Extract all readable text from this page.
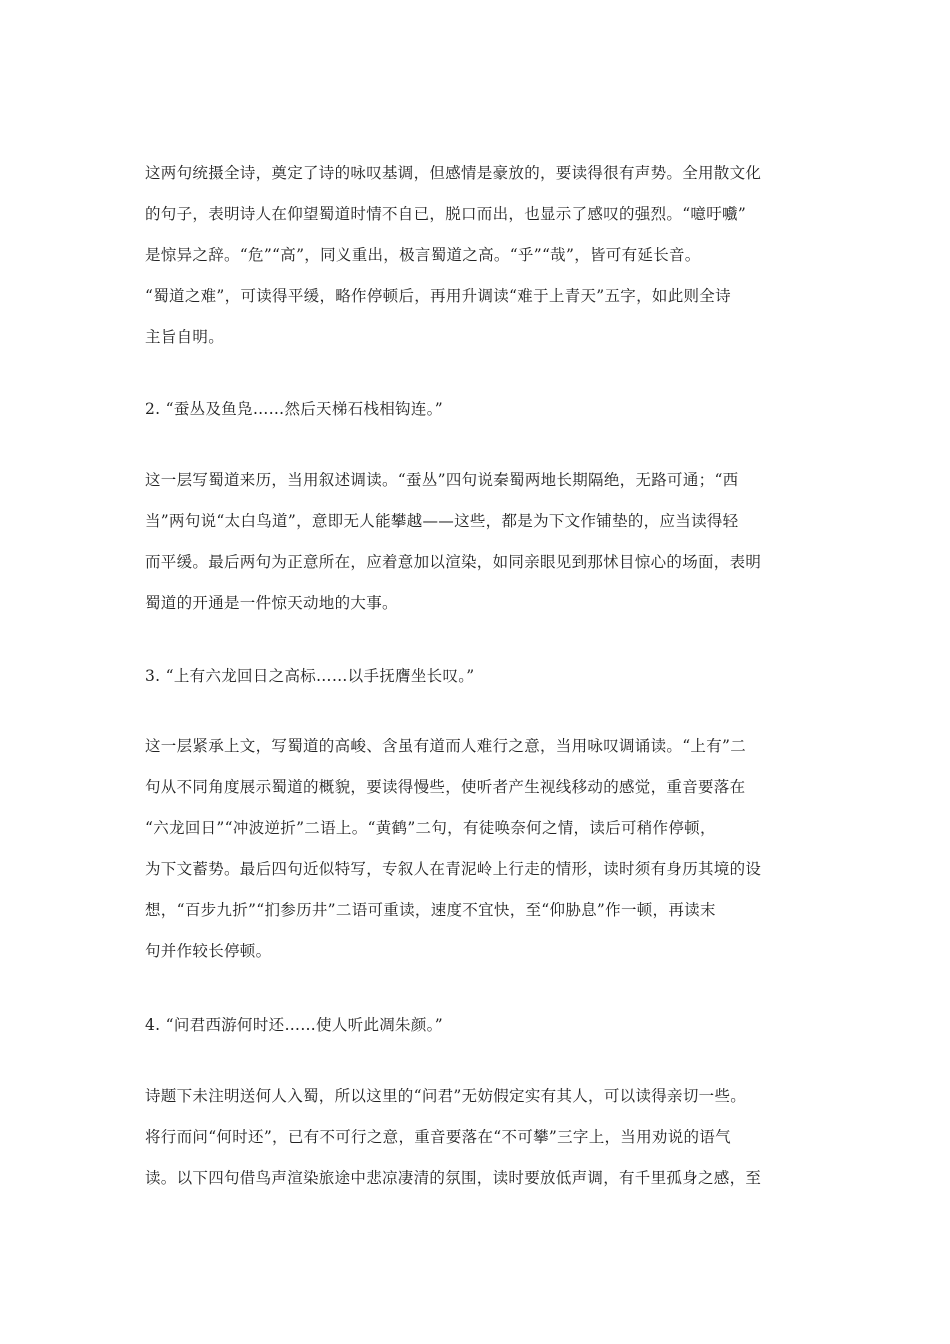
这两句统摄全诗，奠定了诗的咏叹基调，但感情是豪放的，要读得很有声势。全用散文化

的句子，表明诗人在仰望蜀道时情不自已，脱口而出，也显示了感叹的强烈。“噫吁嚱”

是惊异之辞。“危”“高”，同义重出，极言蜀道之高。“乎”“哉”，皆可有延长音。

“蜀道之难”，可读得平缓，略作停顿后，再用升调读“难于上青天”五字，如此则全诗

主旨自明。

2. “蚕丛及鱼凫……然后天梯石栈相钩连。”

这一层写蜀道来历，当用叙述调读。“蚕丛”四句说秦蜀两地长期隔绝，无路可通；“西

当”两句说“太白鸟道”，意即无人能攀越——这些，都是为下文作铺垫的，应当读得轻

而平缓。最后两句为正意所在，应着意加以渲染，如同亲眼见到那怵目惊心的场面，表明

蜀道的开通是一件惊天动地的大事。

3. “上有六龙回日之高标……以手抚膺坐长叹。”

这一层紧承上文，写蜀道的高峻、含虽有道而人难行之意，当用咏叹调诵读。“上有”二

句从不同角度展示蜀道的概貌，要读得慢些，使听者产生视线移动的感觉，重音要落在

“六龙回日”“冲波逆折”二语上。“黄鹤”二句，有徒唤奈何之情，读后可稍作停顿，

为下文蓄势。最后四句近似特写，专叙人在青泥岭上行走的情形，读时须有身历其境的设

想，“百步九折”“扪参历井”二语可重读，速度不宜快，至“仰胁息”作一顿，再读末

句并作较长停顿。

4. “问君西游何时还……使人听此凋朱颜。”

诗题下未注明送何人入蜀，所以这里的“问君”无妨假定实有其人，可以读得亲切一些。

将行而问“何时还”，已有不可行之意，重音要落在“不可攀”三字上，当用劝说的语气

读。以下四句借鸟声渲染旅途中悲凉凄清的氛围，读时要放低声调，有千里孤身之感，至
